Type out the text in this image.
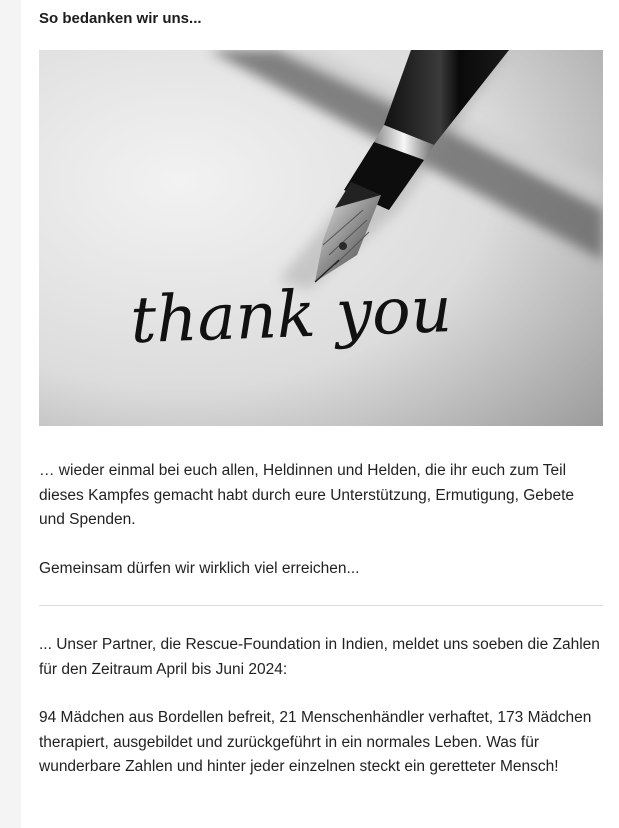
So bedanken wir uns...

thank you

… wieder einmal bei euch allen, Heldinnen und Helden, die ihr euch zum Teil dieses Kampfes gemacht habt durch eure Unterstützung, Ermutigung, Gebete und Spenden.

Gemeinsam dürfen wir wirklich viel erreichen...

... Unser Partner, die Rescue-Foundation in Indien, meldet uns soeben die Zahlen für den Zeitraum April bis Juni 2024:

94 Mädchen aus Bordellen befreit, 21 Menschenhändler verhaftet, 173 Mädchen therapiert, ausgebildet und zurückgeführt in ein normales Leben. Was für wunderbare Zahlen und hinter jeder einzelnen steckt ein geretteter Mensch!
